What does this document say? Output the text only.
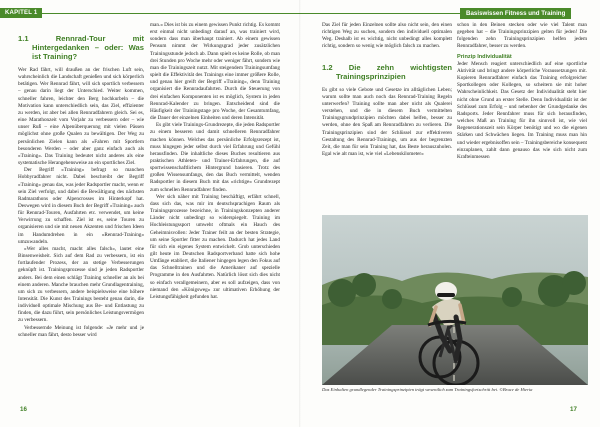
KAPITEL 1
1.1	Rennrad-Tour mit Hintergedanken – oder: Was ist Training?

Wer Rad fährt, will draußen an der frischen Luft sein, wahrscheinlich die Landschaft genießen und sich körperlich betätigen. Wer Rennrad fährt, will sich sportlich verbessern – genau darin liegt der Unterschied. Weiter kommen, schneller fahren, leichter den Berg hochkurbeln – die Motivation kann unterschiedlich sein, das Ziel, effizienter zu werden, ist aber bei allen Rennradfahrern gleich. Sei es, eine Marathonzeit vom Vorjahr zu verbessern oder – wie unser Ruß – eine Alpenüberquerung mit vielen Pässen möglichst ohne große Qualen zu bewältigen. Der Weg zu persönlichen Zielen kann als »Fahren mit Sportlern besonderen Werden – oder aber ganz einfach auch als »Training«. Das Training bedeutet nicht anderes als eine systematische Herangehensweise an ein sportliches Ziel.

Der Begriff »Training« befragt so manchen Hobbyradfahrer nicht. Dabei beschreibt der Begriff »Training« genau das, was jeder Radsportler macht, wenn er sein Ziel verfolgt, und dabei die Bewältigung des nächsten Radmarathons oder Alpencrosses im Hinterkopf hat. Deswegen wird in diesem Buch der Begriff »Training« auch für Rennrad-Touren, Ausfahrten etc. verwendet, um keine Verwirrung zu schaffen. Ziel ist es, seine Touren zu organisieren und sie mit neuen Akzenten und frischen Ideen im Handumdrehen in ein »Rennrad-Training« umzuwandeln.

»Wer alles macht, macht alles falsch«, lautet eine Binsenweisheit. Sich auf dem Rad zu verbessern, ist ein fortlaufender Prozess, der an stetige Verbesserungen geknüpft ist. Trainingsprozesse sind je jeden Radsportler anders. Bei dem einen schlägt Training schneller an als bei einem anderen. Manche brauchen mehr Grundlagentraining, um sich zu verbessern, andere beispielsweise eine höhere Intensität. Die Kunst des Trainings besteht genau darin, die individuell optimale Mischung aus Be- und Entlastung zu finden, die dazu führt, sein persönliches Leistungsvermögen zu verbessern.

Verbessernde Meinung ist folgende: »Je mehr und je schneller man fährt, desto besser wird

man.« Dies ist bis zu einem gewissen Punkt richtig. Es kommt erst einmal nicht unbedingt darauf an, was trainiert wird, sondern dass man überhaupt trainiert. Ab einem gewissen Pensum nimmt der Wirkungsgrad jeder zusätzlichen Trainingsstunde jedoch ab. Dann spielt es keine Rolle, ob man drei Stunden pro Woche mehr oder weniger fährt, sondern wie man die Trainingszeit nutzt. Mit steigendem Trainingsumfang spielt die Effektivität des Trainings eine immer größere Rolle, und genau hier greift der Begriff »Training«, denn Training organisiert die Rennradaufahrten. Durch die Steuerung von drei einfachen Komponenten ist es möglich, System in jeden Rennrad-Kalender zu bringen. Entscheidend sind die Häufigkeit der Trainingstage pro Woche, der Gesamtumfang, die Dauer der einzelnen Einheiten und deren Intensität.

Es gibt viele Trainings-Grundrezepte, die jeden Radsportler zu einem besseren und damit schnelleren Rennradfahrer machen können. Welches das persönliche Erfolgsrezept ist, muss hingegen jeder selbst durch viel Erfahrung und Gefühl herausfinden. Die inhaltliche dieses Buches resultieren aus praktischen Athleten- und Trainer-Erfahrungen, die auf sportwissenschaftlichem Hintergrund basieren. Trotz des großen Wissensumfangs, den das Buch vermittelt, wenden Radsportler in diesem Buch mit das »richtige« Grundrezept zum schnellen Rennradfahrer finden.

Wer sich näher mit Training beschäftigt, erfährt schnell, dass sich das, was mir im deutschsprachigen Raum als Trainingsprozesse bezeichne, in Trainingskonzepten anderer Länder nicht unbedingt so widerspiegelt. Training im Hochleistungssport umweht oftmals ein Hauch des Geheimnisvollen: Jeder Trainer feilt an der besten Strategie, um seine Sportler fitter zu machen. Dadurch hat jedes Land für sich ein eigenes System entwickelt. Grob unterschieden gilt heute im Deutschen Radsportverband hatte sich hohe Umfänge etabliert, die Italiener hingegen legen den Fokus auf das Schnelltrainen und die Amerikaner auf spezielle Programme in den Ausfahrten. Natürlich lösst sich dies nicht so einfach verallgemeinern, aber es soll aufzeigen, dass von niemand den »Königsweg« zur ultimativen Erhöhung der Leistungsfähigkeit gefunden hat.

16
Basiswissen Fitness und Training

Das Ziel für jeden Einzelnen sollte also nicht sein, den einen richtigen Weg zu suchen, sondern den individuell optimalen Weg. Deshalb ist es wichtig, nicht unbedingt alles komplett richtig, sondern so wenig wie möglich falsch zu machen.

1.2 Die zehn wichtigsten Trainingsprinzipien

Es gibt so viele Gebote und Gesetze im alltäglichen Leben; warum sollte man auch noch das Rennrad-Training Regeln unterwerfen? Training sollte man aber nicht als Qualerei verstehen, und die in diesem Buch vermittelten Trainingsgrundprinzipien möchten dabei helfen, besser zu werden, ohne den Spaß am Rennradfahren zu verlieren. Die Trainingsprinzipien sind der Schlüssel zur effektiveren Gestaltung des Rennrad-Trainings, um aus der begrenzten Zeit, die man für sein Training hat, das Beste herauszuholen. Egal wie alt man ist, wie viel »Lebenskilometer«

schon in den Beinen stecken oder wie viel Talent man gegeben hat – die Trainingsprinzipien gelten für jeden! Die folgenden zehn Trainingsprinzipien helfen jedem Rennradfahrer, besser zu werden.

Prinzip Individualität

Jeder Mensch reagiert unterschiedlich auf eine sportliche Aktivität und bringt andere körperliche Voraussetzungen mit. Kopieren Rennradfahrer einfach das Training erfolgreicher Sportkollegen oder Kollegen, so scheitern sie mit hoher Wahrscheinlichkeit. Das Gesetz der Individualität steht hier nicht ohne Grund an erster Stelle. Denn Individualität ist der Schlüssel zum Erfolg – und nebenher der Grundgedanke des Radsports. Jeder Rennfahrer muss für sich herausfinden, welches Maß an Training für ihn sinnvoll ist, wie viel Regenerationszeit sein Körper benötigt und wo die eigenen Stärken und Schwächen liegen. Im Training muss man hin und wieder ergebnisoffen sein – Trainingsbereiche konsequent einzuplanen, zahlt dann genauso das wie sich nicht zum Krafteinmessen

Das Einhalten grundlegender Trainingsprinzipien trägt wesentlich zum Trainingsfortschritt bei. ©Bruce de Hieria
17
